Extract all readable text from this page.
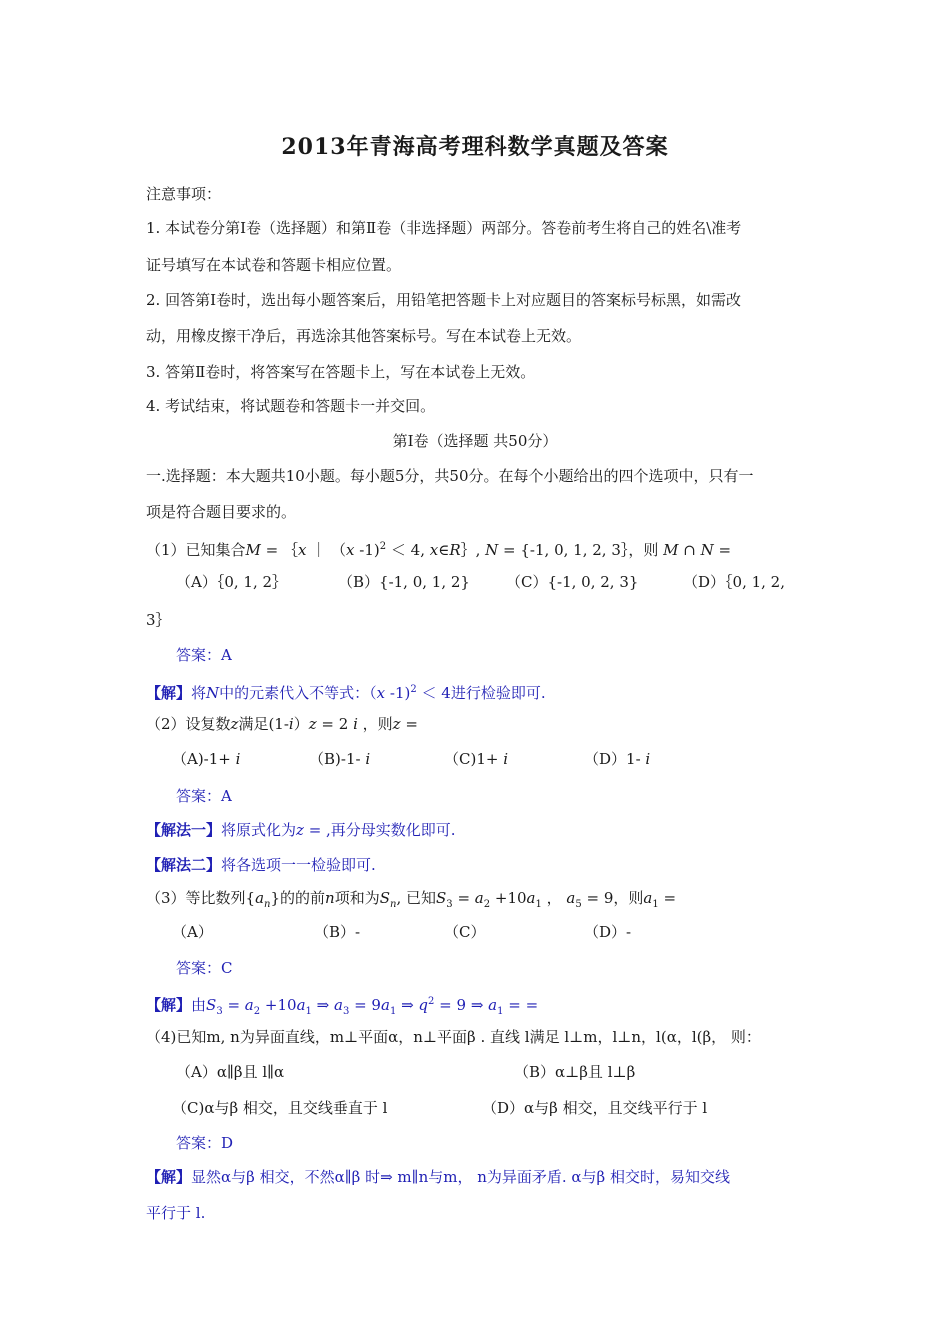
2013年青海高考理科数学真题及答案
注意事项：
1. 本试卷分第Ⅰ卷（选择题）和第Ⅱ卷（非选择题）两部分。答卷前考生将自己的姓名\准考
证号填写在本试卷和答题卡相应位置。
2. 回答第Ⅰ卷时，选出每小题答案后，用铅笔把答题卡上对应题目的答案标号标黑，如需改
动，用橡皮擦干净后，再选涂其他答案标号。写在本试卷上无效。
3. 答第Ⅱ卷时，将答案写在答题卡上，写在本试卷上无效。
4. 考试结束，将试题卷和答题卡一并交回。
第Ⅰ卷（选择题 共50分）
一.选择题：本大题共10小题。每小题5分，共50分。在每个小题给出的四个选项中，只有一
项是符合题目要求的。
（1）已知集合M = ｛x ｜ （x -1)$^2$ ＜ 4, x∈R｝, N = {-1, 0, 1, 2, 3｝，则 M ∩ N =
（A）｛0, 1, 2｝	（B）{-1, 0, 1, 2} （C）{-1, 0, 2, 3}	（D）｛0, 1, 2,
3｝
答案：A
【解】将N中的元素代入不等式：（x -1)$^2$ ＜ 4进行检验即可.
（2）设复数z满足(1-i）z = 2 i ，则z =
（A)-1+ i	（B)-1- i	（C)1+ i	（D）1- i
答案：A
【解法一】将原式化为z = ,再分母实数化即可.
【解法二】将各选项一一检验即可.
（3）等比数列$\{a_n\}$的的前n项和为$S_n$, 已知$S_3 = a_2 +10a_1$ ， $a_5 = 9$，则$a_1$ =
（A）	（B）-	（C）	（D）-
答案：C
【解】由$S_3 = a_2 +10a_1$ ⇒ $a_3 = 9a_1$ ⇒ $q^2 = 9$ ⇒ $a_1$ = =
（4)已知m, n为异面直线，m⊥平面α，n⊥平面β . 直线 l满足 l⊥m，l⊥n，l(α，l(β， 则：
（A）α∥β且 l∥α	（B）α⊥β且 l⊥β
（C)α与β 相交，且交线垂直于 l	（D）α与β 相交，且交线平行于 l
答案：D
【解】显然α与β 相交，不然α∥β 时⇒ m∥n与m， n为异面矛盾. α与β 相交时，易知交线
平行于 l.
